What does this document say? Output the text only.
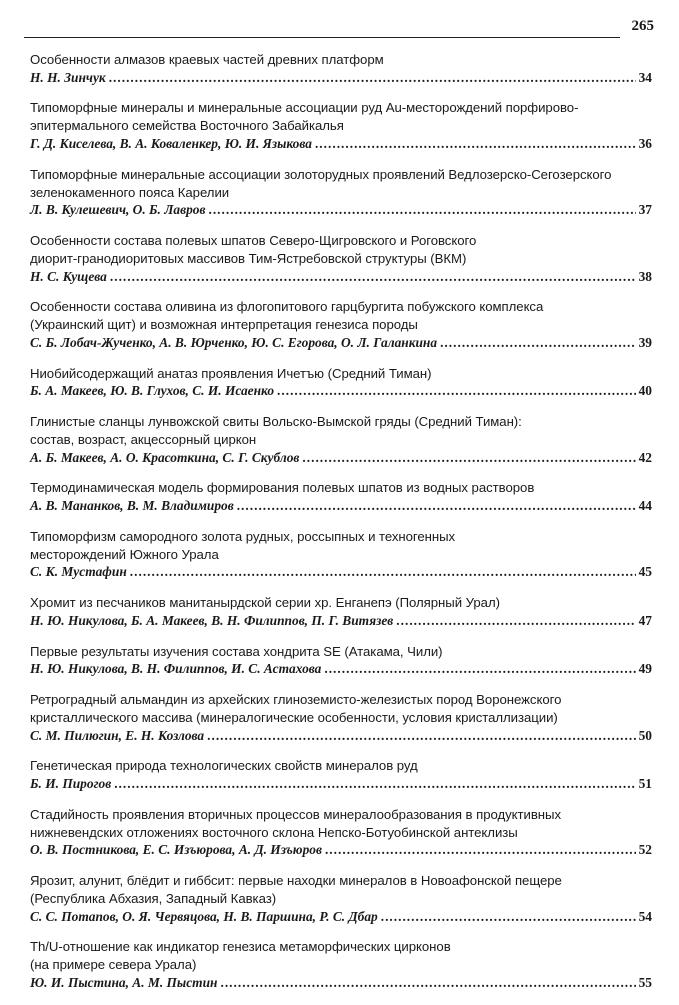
265
Особенности алмазов краевых частей древних платформ
Н. Н. Зинчук .....	34
Типоморфные минералы и минеральные ассоциации руд Au-месторождений порфирово-
эпитермального семейства Восточного Забайкалья
Г. Д. Киселева, В. А. Коваленкер, Ю. И. Языкова .....	36
Типоморфные минеральные ассоциации золоторудных проявлений Ведлозерско-Сегозерского
зеленокаменного пояса Карелии
Л. В. Кулешевич, О. Б. Лавров .....	37
Особенности состава полевых шпатов Северо-Щигровского и Роговского
диорит-гранодиоритовых массивов Тим-Ястребовской структуры (ВКМ)
Н. С. Кущева .....	38
Особенности состава оливина из флогопитового гарцбургита побужского комплекса
(Украинский щит) и возможная интерпретация генезиса породы
С. Б. Лобач-Жученко, А. В. Юрченко, Ю. С. Егорова, О. Л. Галанкина .....	39
Ниобийсодержащий анатаз проявления Ичетъю (Средний Тиман)
Б. А. Макеев, Ю. В. Глухов, С. И. Исаенко .....	40
Глинистые сланцы лунвожской свиты Вольско-Вымской гряды (Средний Тиман):
состав, возраст, акцессорный циркон
А. Б. Макеев, А. О. Красоткина, С. Г. Скублов .....	42
Термодинамическая модель формирования полевых шпатов из водных растворов
А. В. Мананков, В. М. Владимиров .....	44
Типоморфизм самородного золота рудных, россыпных и техногенных
месторождений Южного Урала
С. К. Мустафин .....	45
Хромит из песчаников манитанырдской серии хр. Енганепэ (Полярный Урал)
Н. Ю. Никулова, Б. А. Макеев, В. Н. Филиппов, П. Г. Витязев .....	47
Первые результаты изучения состава хондрита SE (Атакама, Чили)
Н. Ю. Никулова, В. Н. Филиппов, И. С. Астахова .....	49
Ретроградный альмандин из архейских глиноземисто-железистых пород Воронежского
кристаллического массива (минералогические особенности, условия кристаллизации)
С. М. Пилюгин, Е. Н. Козлова .....	50
Генетическая природа технологических свойств минералов руд
Б. И. Пирогов .....	51
Стадийность проявления вторичных процессов минералообразования в продуктивных
нижневендских отложениях восточного склона Непско-Ботуобинской антеклизы
О. В. Постникова, Е. С. Изъюрова, А. Д. Изъюров .....	52
Ярозит, алунит, блёдит и гиббсит: первые находки минералов в Новоафонской пещере
(Республика Абхазия, Западный Кавказ)
С. С. Потапов, О. Я. Червяцова, Н. В. Паршина, Р. С. Дбар .....	54
Th/U-отношение как индикатор генезиса метаморфических цирконов
(на примере севера Урала)
Ю. И. Пыстина, А. М. Пыстин .....	55
